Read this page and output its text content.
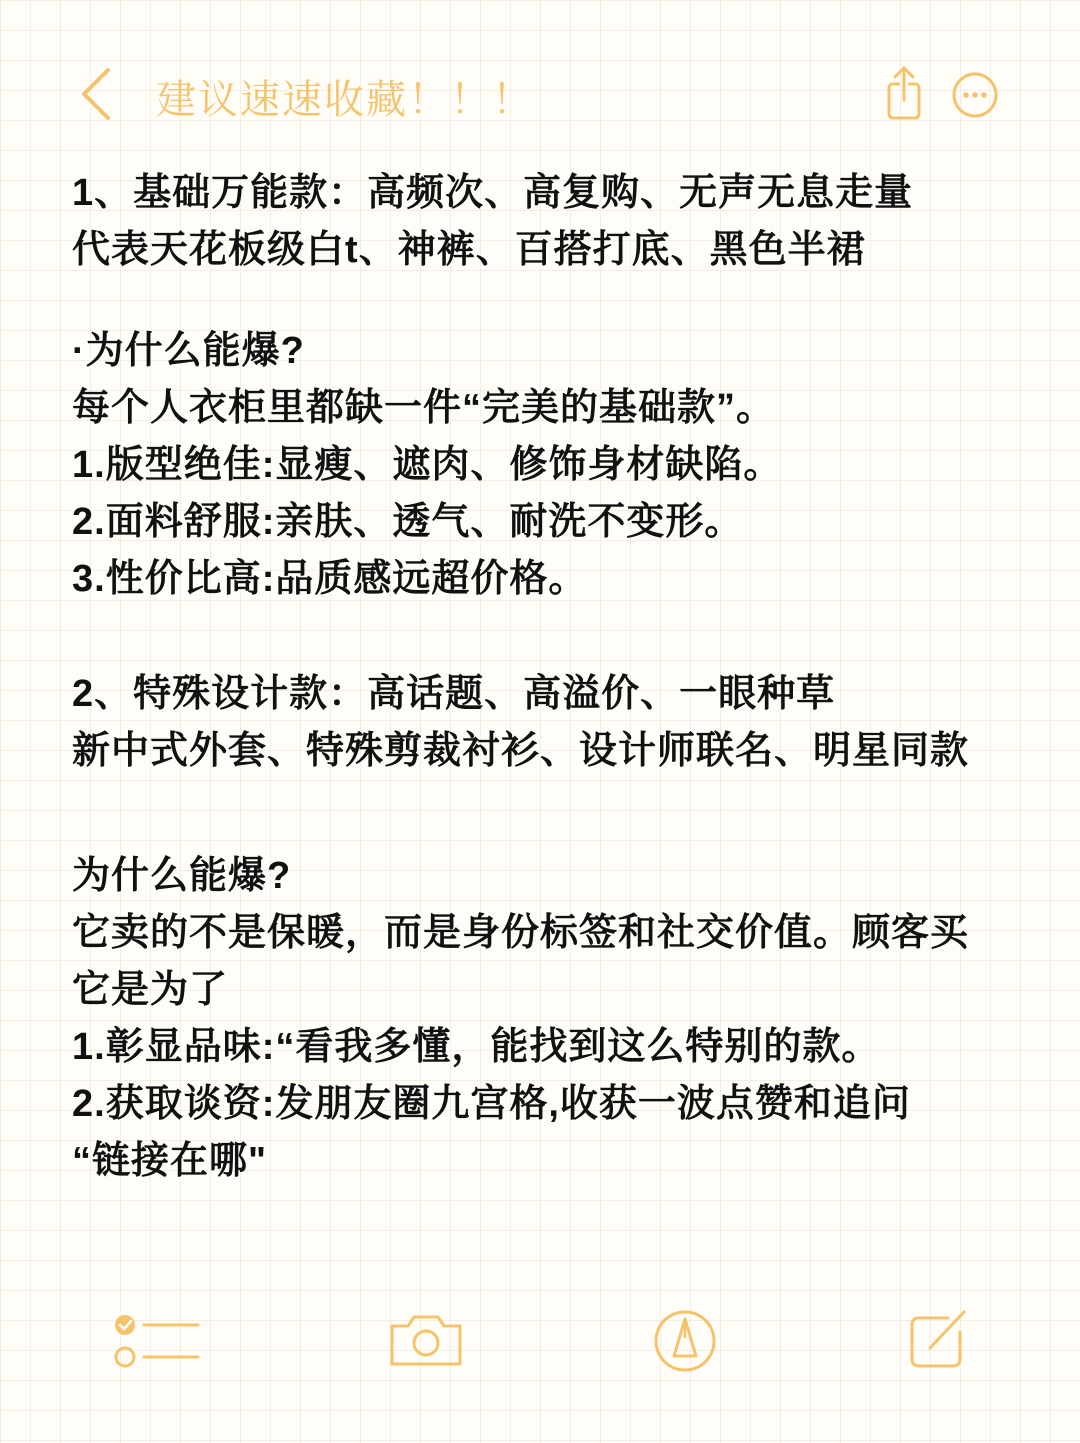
建议速速收藏！！！

1、基础万能款：高频次、高复购、无声无息走量

代表天花板级白t、神裤、百搭打底、黑色半裙

·为什么能爆?

每个人衣柜里都缺一件“完美的基础款”。

1.版型绝佳:显瘦、遮肉、修饰身材缺陷。

2.面料舒服:亲肤、透气、耐洗不变形。

3.性价比高:品质感远超价格。

2、特殊设计款：高话题、高溢价、一眼种草

新中式外套、特殊剪裁衬衫、设计师联名、明星同款

为什么能爆?

它卖的不是保暖，而是身份标签和社交价值。顾客买

它是为了

1.彰显品味:“看我多懂，能找到这么特别的款。

2.获取谈资:发朋友圈九宫格,收获一波点赞和追问

“链接在哪"
